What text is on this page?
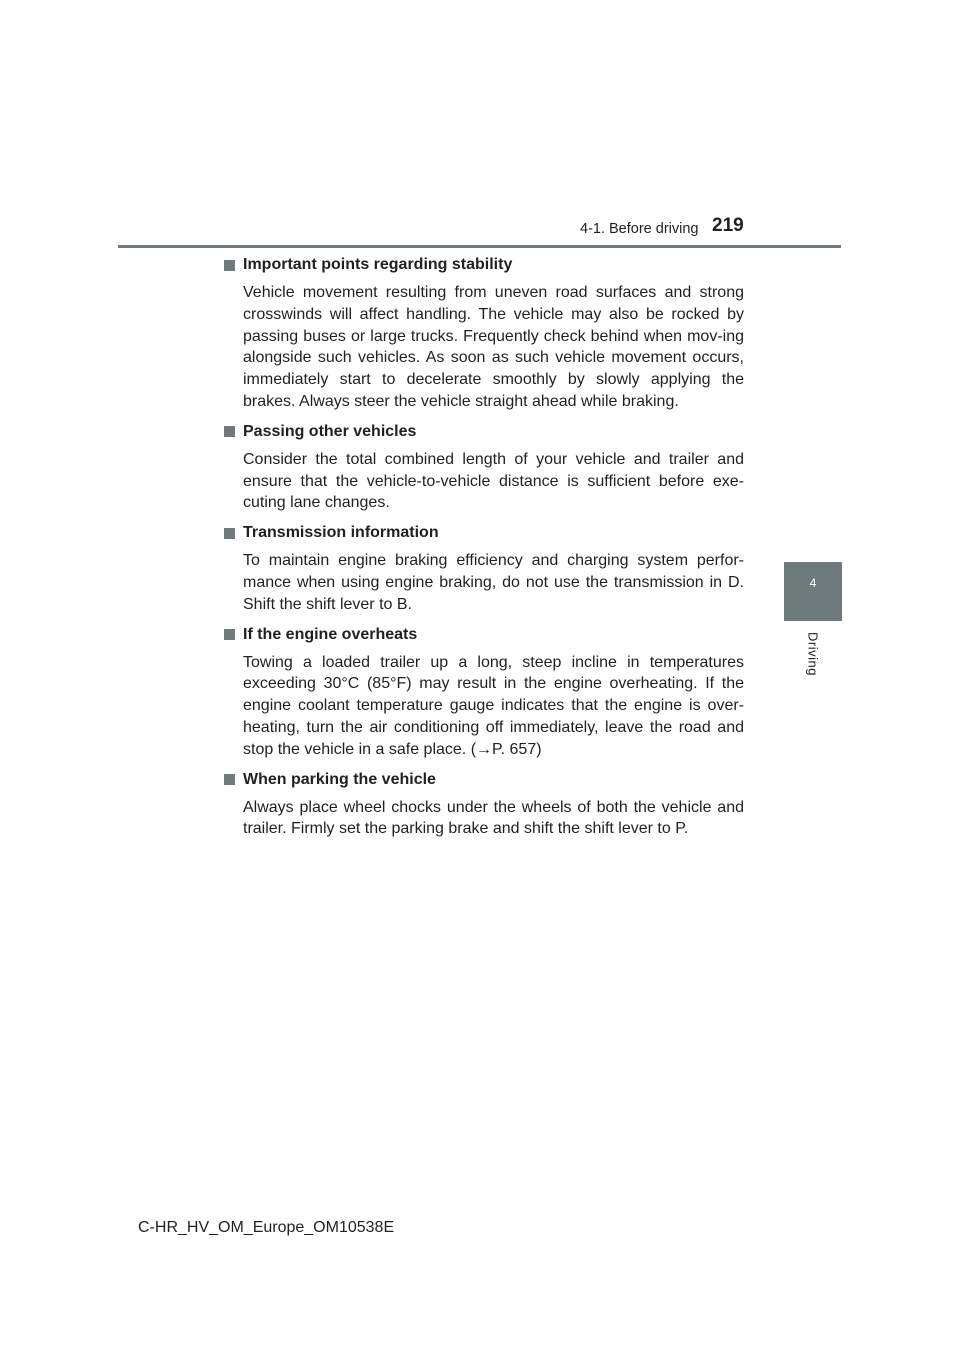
4-1. Before driving 219
4
Driving
Important points regarding stability
Vehicle movement resulting from uneven road surfaces and strong crosswinds will affect handling. The vehicle may also be rocked by passing buses or large trucks. Frequently check behind when mov-ing alongside such vehicles. As soon as such vehicle movement occurs, immediately start to decelerate smoothly by slowly applying the brakes. Always steer the vehicle straight ahead while braking.
Passing other vehicles
Consider the total combined length of your vehicle and trailer and ensure that the vehicle-to-vehicle distance is sufficient before exe-cuting lane changes.
Transmission information
To maintain engine braking efficiency and charging system perfor-mance when using engine braking, do not use the transmission in D. Shift the shift lever to B.
If the engine overheats
Towing a loaded trailer up a long, steep incline in temperatures exceeding 30°C (85°F) may result in the engine overheating. If the engine coolant temperature gauge indicates that the engine is over-heating, turn the air conditioning off immediately, leave the road and stop the vehicle in a safe place. (→P. 657)
When parking the vehicle
Always place wheel chocks under the wheels of both the vehicle and trailer. Firmly set the parking brake and shift the shift lever to P.
C-HR_HV_OM_Europe_OM10538E
